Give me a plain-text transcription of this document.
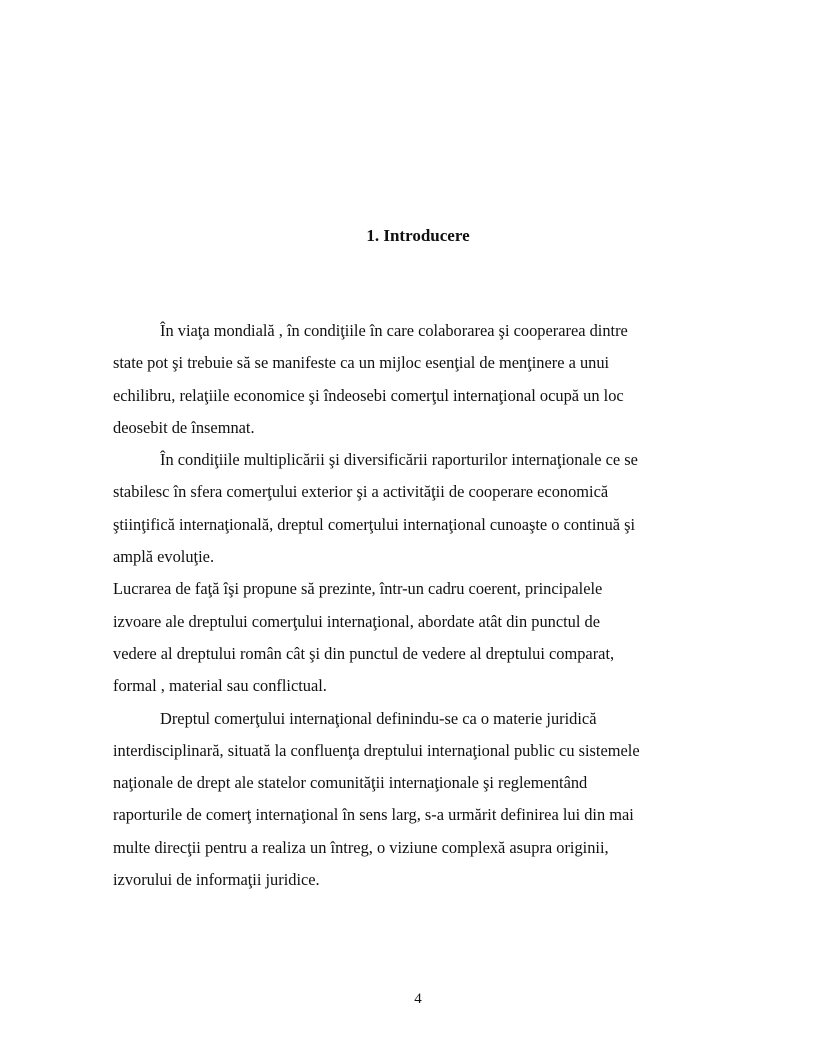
1. Introducere

În viaţa mondială , în condiţiile în care colaborarea şi cooperarea dintre
state pot şi trebuie să se manifeste ca un mijloc esenţial de menţinere a unui
echilibru, relaţiile economice şi îndeosebi comerţul internaţional ocupă un loc
deosebit de însemnat.

În condiţiile multiplicării şi diversificării raporturilor internaţionale ce se
stabilesc în sfera comerţului exterior şi a activităţii de cooperare economică
ştiinţifică internaţională, dreptul comerţului internaţional cunoaşte o continuă şi
amplă evoluţie.

Lucrarea de faţă îşi propune să prezinte, într-un cadru coerent, principalele
izvoare ale dreptului comerţului internaţional, abordate atât din punctul de
vedere al dreptului român cât şi din punctul de vedere al dreptului comparat,
formal , material sau conflictual.

Dreptul comerţului internaţional definindu-se ca o materie juridică
interdisciplinară, situată la confluenţa dreptului internaţional public cu sistemele
naţionale de drept ale statelor comunităţii internaţionale şi reglementând
raporturile de comerţ internaţional în sens larg, s-a urmărit definirea lui din mai
multe direcţii pentru a realiza un întreg, o viziune complexă asupra originii,
izvorului de informaţii juridice.

4
